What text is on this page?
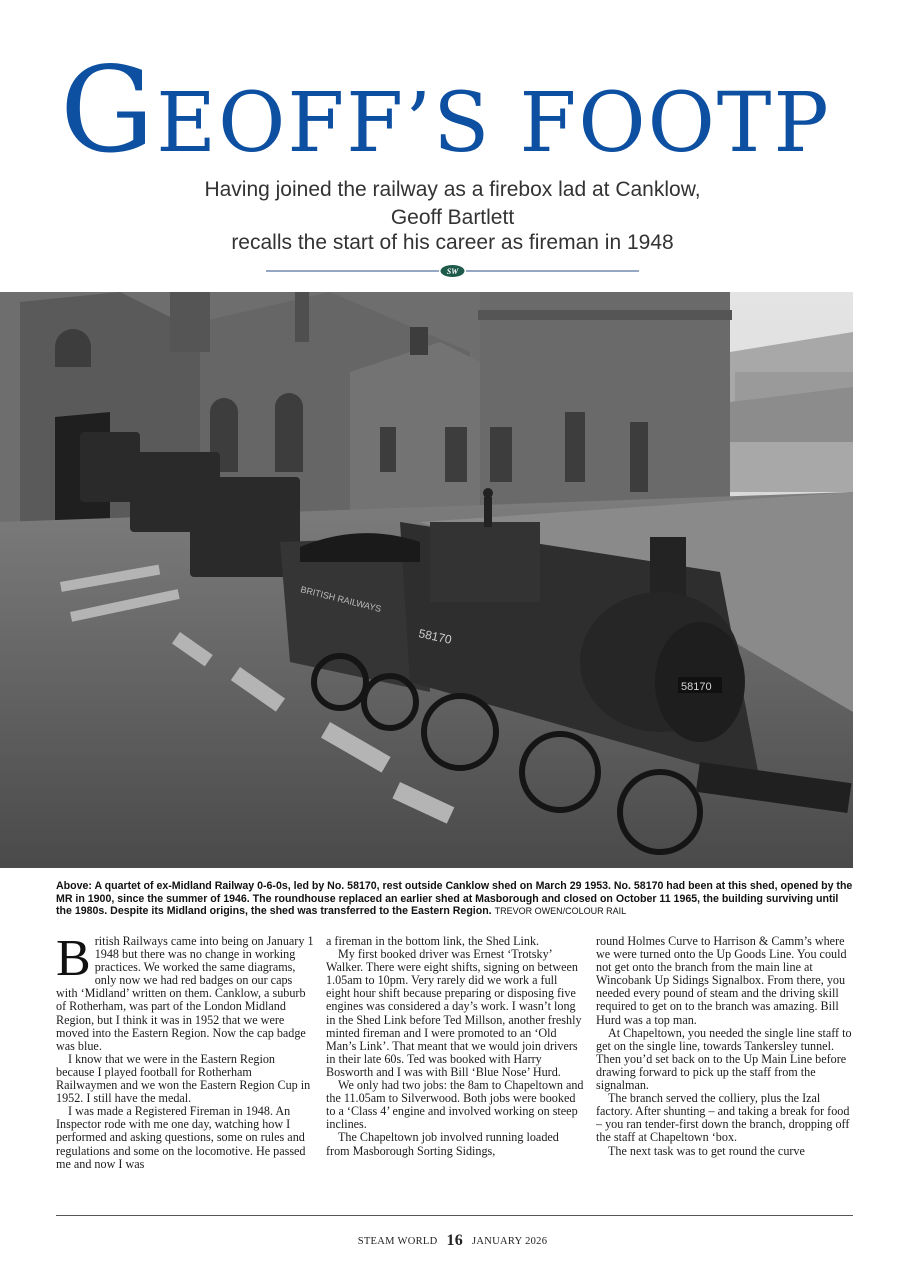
GEOFF’S FOOTP
Having joined the railway as a firebox lad at Canklow,
Geoff Bartlett
recalls the start of his career as fireman in 1948
SW
BRITISH RAILWAYS
58170
58170
Above: A quartet of ex-Midland Railway 0-6-0s, led by No. 58170, rest outside Canklow shed on March 29 1953. No. 58170 had been at this shed, opened by the MR in 1900, since the summer of 1946. The roundhouse replaced an earlier shed at Masborough and closed on October 11 1965, the building surviving until the 1980s. Despite its Midland origins, the shed was transferred to the Eastern Region. TREVOR OWEN/COLOUR RAIL
B ritish Railways came into being on January 1 1948 but there was no change in working practices. We worked the same diagrams, only now we had red badges on our caps with ‘Midland’ written on them. Canklow, a suburb of Rotherham, was part of the London Midland Region, but I think it was in 1952 that we were moved into the Eastern Region. Now the cap badge was blue.

I know that we were in the Eastern Region because I played football for Rotherham Railwaymen and we won the Eastern Region Cup in 1952. I still have the medal.

I was made a Registered Fireman in 1948. An Inspector rode with me one day, watching how I performed and asking questions, some on rules and regulations and some on the locomotive. He passed me and now I was

a fireman in the bottom link, the Shed Link.

My first booked driver was Ernest ‘Trotsky’ Walker. There were eight shifts, signing on between 1.05am to 10pm. Very rarely did we work a full eight hour shift because preparing or disposing five engines was considered a day’s work. I wasn’t long in the Shed Link before Ted Millson, another freshly minted fireman and I were promoted to an ‘Old Man’s Link’. That meant that we would join drivers in their late 60s. Ted was booked with Harry Bosworth and I was with Bill ‘Blue Nose’ Hurd.

We only had two jobs: the 8am to Chapeltown and the 11.05am to Silverwood. Both jobs were booked to a ‘Class 4’ engine and involved working on steep inclines.

The Chapeltown job involved running loaded from Masborough Sorting Sidings,

round Holmes Curve to Harrison & Camm’s where we were turned onto the Up Goods Line. You could not get onto the branch from the main line at Wincobank Up Sidings Signalbox. From there, you needed every pound of steam and the driving skill required to get on to the branch was amazing. Bill Hurd was a top man.

At Chapeltown, you needed the single line staff to get on the single line, towards Tankersley tunnel. Then you’d set back on to the Up Main Line before drawing forward to pick up the staff from the signalman.

The branch served the colliery, plus the Izal factory. After shunting – and taking a break for food – you ran tender-first down the branch, dropping off the staff at Chapeltown ‘box.

The next task was to get round the curve

STEAM WORLD 16 JANUARY 2026
